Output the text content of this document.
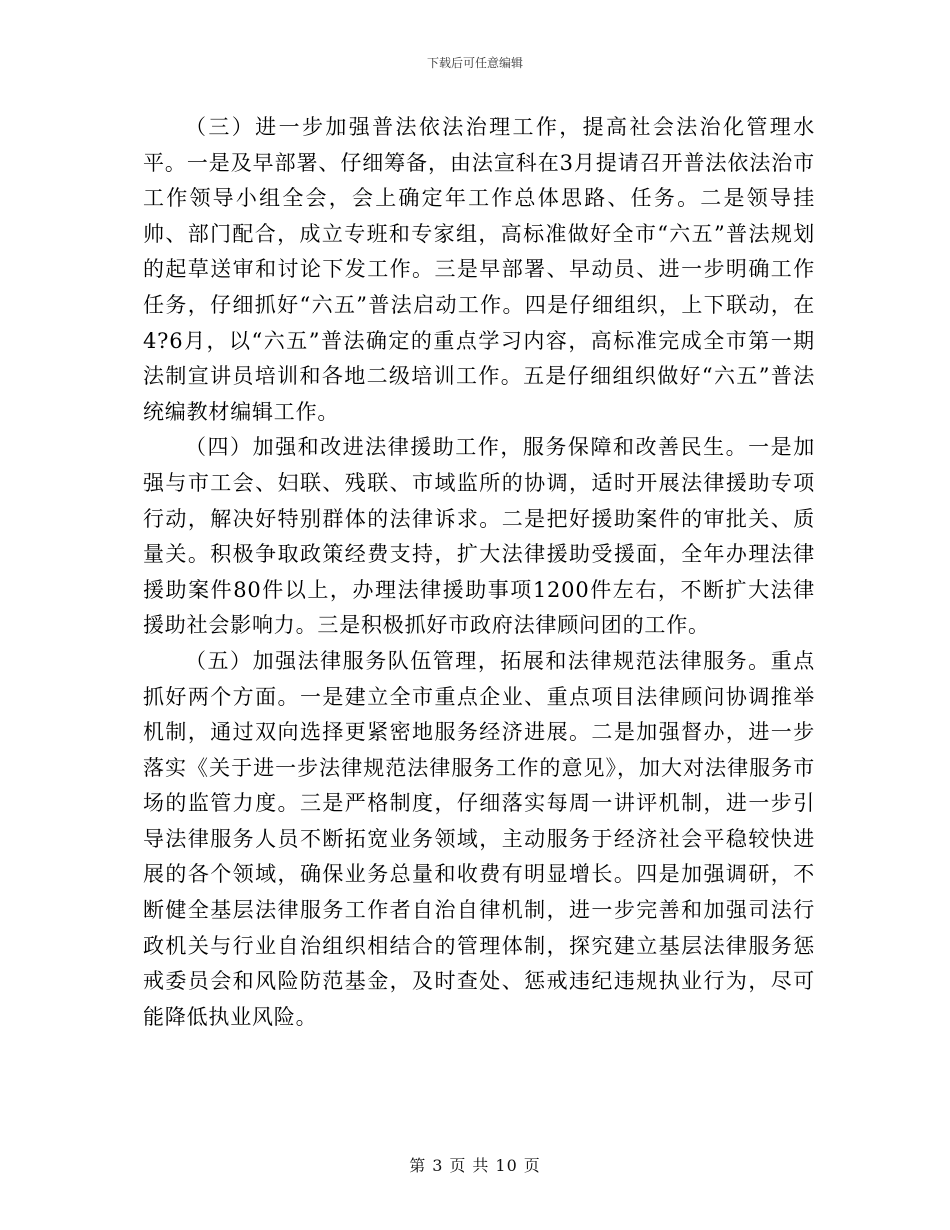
下载后可任意编辑

（三）进一步加强普法依法治理工作，提高社会法治化管理水平。一是及早部署、仔细筹备，由法宣科在3月提请召开普法依法治市工作领导小组全会，会上确定年工作总体思路、任务。二是领导挂帅、部门配合，成立专班和专家组，高标准做好全市“六五”普法规划的起草送审和讨论下发工作。三是早部署、早动员、进一步明确工作任务，仔细抓好“六五”普法启动工作。四是仔细组织，上下联动，在4?6月，以“六五”普法确定的重点学习内容，高标准完成全市第一期法制宣讲员培训和各地二级培训工作。五是仔细组织做好“六五”普法统编教材编辑工作。

（四）加强和改进法律援助工作，服务保障和改善民生。一是加强与市工会、妇联、残联、市域监所的协调，适时开展法律援助专项行动，解决好特别群体的法律诉求。二是把好援助案件的审批关、质量关。积极争取政策经费支持，扩大法律援助受援面，全年办理法律援助案件80件以上，办理法律援助事项1200件左右，不断扩大法律援助社会影响力。三是积极抓好市政府法律顾问团的工作。

（五）加强法律服务队伍管理，拓展和法律规范法律服务。重点抓好两个方面。一是建立全市重点企业、重点项目法律顾问协调推举机制，通过双向选择更紧密地服务经济进展。二是加强督办，进一步落实《关于进一步法律规范法律服务工作的意见》，加大对法律服务市场的监管力度。三是严格制度，仔细落实每周一讲评机制，进一步引导法律服务人员不断拓宽业务领域，主动服务于经济社会平稳较快进展的各个领域，确保业务总量和收费有明显增长。四是加强调研，不断健全基层法律服务工作者自治自律机制，进一步完善和加强司法行政机关与行业自治组织相结合的管理体制，探究建立基层法律服务惩戒委员会和风险防范基金，及时查处、惩戒违纪违规执业行为，尽可能降低执业风险。

第 3 页 共 10 页
